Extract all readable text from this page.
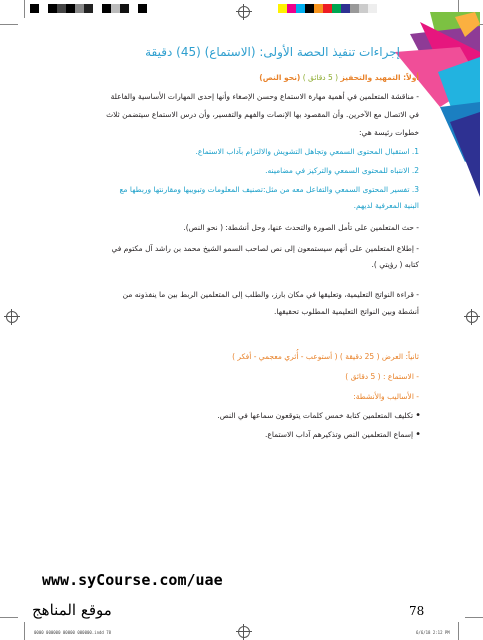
إجراءات تنفيذ الحصة الأولى: (الاستماع) (45) دقيقة
أولاً: التمهيد والتحفيز ( 5 دقائق ) (نحو النص)
- مناقشة المتعلمين في أهمية مهارة الاستماع وحسن الإصغاء وأنها إحدى المهارات الأساسية والفاعلة
في الاتصال مع الآخرين. وأن المقصود بها الإنصات والفهم والتفسير، وأن درس الاستماع سيتضمن ثلاث
خطوات رئيسة هي:
1. استقبال المحتوى السمعي وتجاهل التشويش والالتزام بآداب الاستماع.
2. الانتباه للمحتوى السمعي والتركيز في مضامينه.
3. تفسير المحتوى السمعي والتفاعل معه من مثل:تصنيف المعلومات وتبويبها ومقارنتها وربطها مع
البنية المعرفية لديهم.
- حث المتعلمين على تأمل الصورة والتحدث عنها، وحل أنشطة: ( نحو النص).
- إطلاع المتعلمين على أنهم سيستمعون إلى نص لصاحب السمو الشيخ محمد بن راشد آل مكتوم في
كتابه ( رؤيتي ).
- قراءة النواتج التعليمية، وتعليقها في مكان بارز، والطلب إلى المتعلمين الربط بين ما ينفذونه من
أنشطة وبين النواتج التعليمية المطلوب تحقيقها.
ثانياً: العرض ( 25 دقيقة ) ( أستوعب - أُثري معجمي - أفكر )
- الاستماع : ( 5 دقائق )
- الأساليب والأنشطة:
• تكليف المتعلمين كتابة خمس كلمات يتوقعون سماعها في النص.
• إسماع المتعلمين النص وتذكيرهم آداب الاستماع.
www.syCourse.com/uae
موقع المناهج	78
0000 000000 00000 000000.indd 78	6/6/18 2:12 PM
